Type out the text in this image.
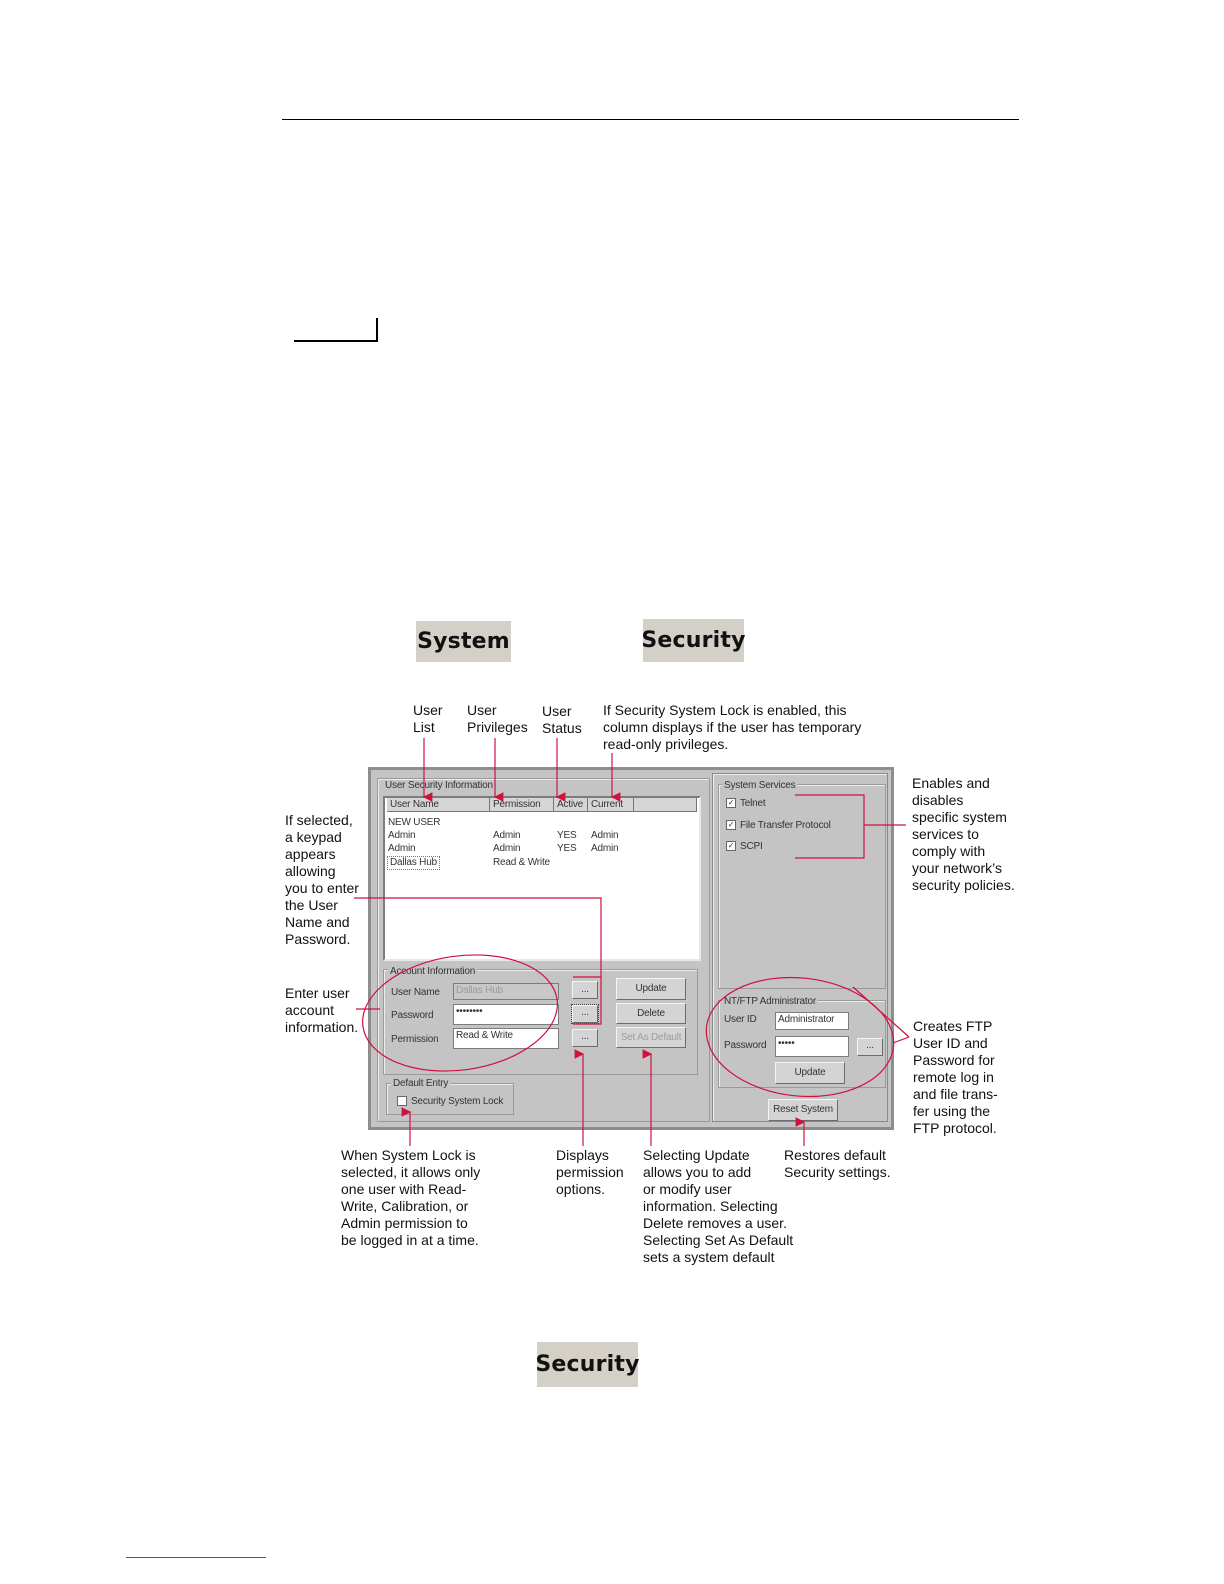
System	Security
Security
User Security Information
User Name	Permission	Active Current
NEW USER
Admin	Admin	YES Admin
Admin	Admin	YES Admin
Dallas Hub	Read & Write
Account Information
User Name	Dallas Hub
Password	••••••••
Permission	Read & Write
...
...
...
Update
Delete
Set As Default
Default Entry
Security System Lock
System Services
✓ Telnet
✓ File Transfer Protocol
✓ SCPI
NT/FTP Administrator
User ID	Administrator
Password	•••••	...
Update
Reset System
User
List
User
Privileges
User
Status
If Security System Lock is enabled, this
column displays if the user has temporary
read-only privileges.
Enables and
disables
specific system
services to
comply with
your network’s
security policies.
If selected,
a keypad
appears
allowing
you to enter
the User
Name and
Password.
Enter user
account
information.	Creates FTP
User ID and
Password for
remote log in
and file trans-
fer using the
FTP protocol.
When System Lock is
selected, it allows only
one user with Read-
Write, Calibration, or
Admin permission to
be logged in at a time.
Displays
permission
options.
Selecting Update
allows you to add
or modify user
information. Selecting
Delete removes a user.
Selecting Set As Default
sets a system default
Restores default
Security settings.
